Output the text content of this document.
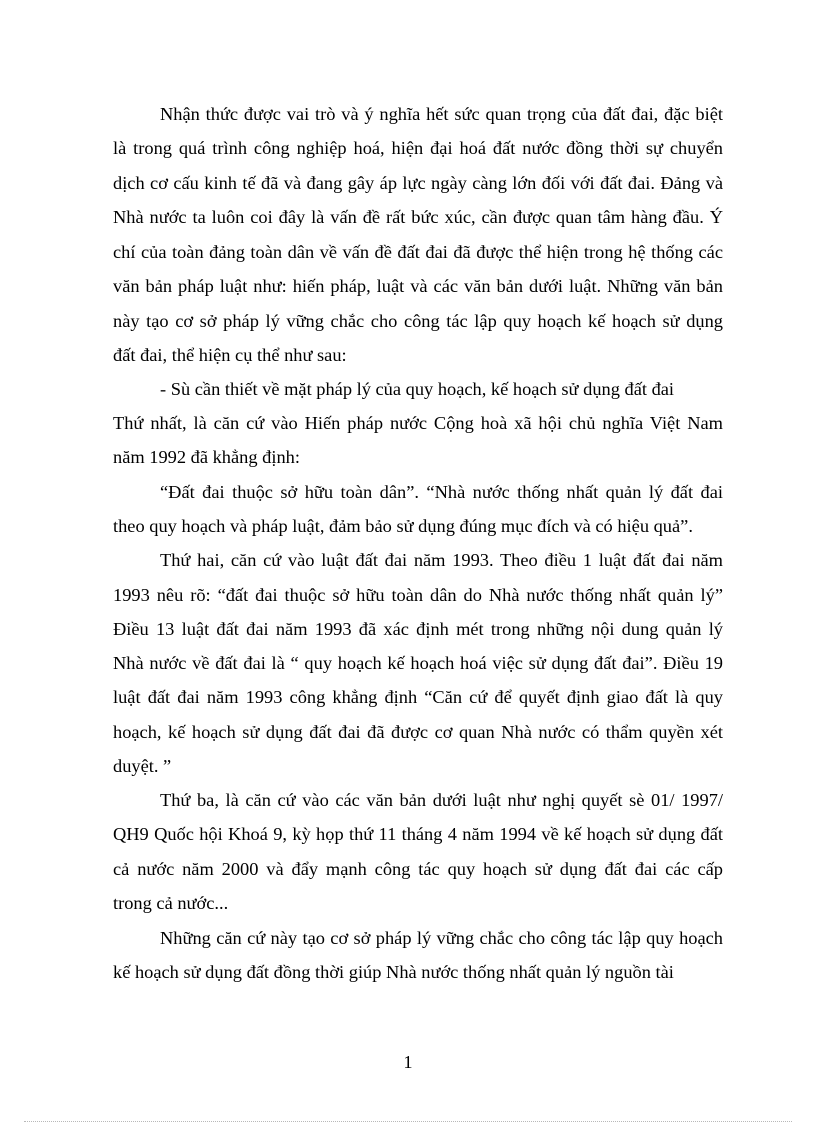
Nhận thức được vai trò và ý nghĩa hết sức quan trọng của đất đai, đặc biệt
là trong quá trình công nghiệp hoá, hiện đại hoá đất nước đồng thời sự chuyển
dịch cơ cấu kinh tế đã và đang gây áp lực ngày càng lớn đối với đất đai. Đảng và
Nhà nước ta luôn coi đây là vấn đề rất bức xúc, cần được quan tâm hàng đầu. Ý
chí của toàn đảng toàn dân về vấn đề đất đai đã được thể hiện trong hệ thống các
văn bản pháp luật như: hiến pháp, luật và các văn bản dưới luật. Những văn bản
này tạo cơ sở pháp lý vững chắc cho công tác lập quy hoạch kế hoạch sử dụng
đất đai, thể hiện cụ thể như sau:
- Sù cần thiết về mặt pháp lý của quy hoạch, kế hoạch sử dụng đất đai
Thứ nhất, là căn cứ vào Hiến pháp nước Cộng hoà xã hội chủ nghĩa Việt Nam
năm 1992 đã khẳng định:
“Đất đai thuộc sở hữu toàn dân”. “Nhà nước thống nhất quản lý đất đai
theo quy hoạch và pháp luật, đảm bảo sử dụng đúng mục đích và có hiệu quả”.
Thứ hai, căn cứ vào luật đất đai năm 1993. Theo điều 1 luật đất đai năm
1993 nêu rõ: “đất đai thuộc sở hữu toàn dân do Nhà nước thống nhất quản lý”
Điều 13 luật đất đai năm 1993 đã xác định mét trong những nội dung quản lý
Nhà nước về đất đai là “ quy hoạch kế hoạch hoá việc sử dụng đất đai”. Điều 19
luật đất đai năm 1993 công khẳng định “Căn cứ để quyết định giao đất là quy
hoạch, kế hoạch sử dụng đất đai đã được cơ quan Nhà nước có thẩm quyền xét
duyệt. ”
Thứ ba, là căn cứ vào các văn bản dưới luật như nghị quyết sè 01/ 1997/
QH9 Quốc hội Khoá 9, kỳ họp thứ 11 tháng 4 năm 1994 về kế hoạch sử dụng đất
cả nước năm 2000 và đẩy mạnh công tác quy hoạch sử dụng đất đai các cấp
trong cả nước...
Những căn cứ này tạo cơ sở pháp lý vững chắc cho công tác lập quy hoạch
kế hoạch sử dụng đất đồng thời giúp Nhà nước thống nhất quản lý nguồn tài
1
